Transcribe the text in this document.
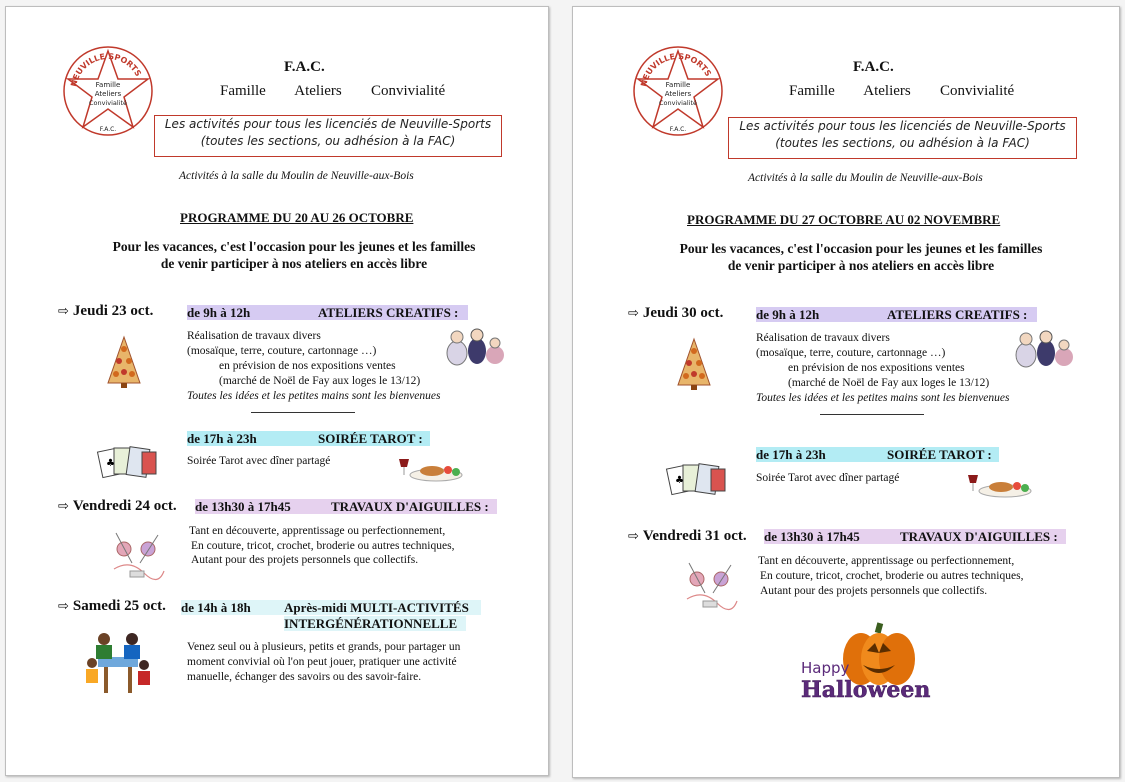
NEUVILLE SPORTS
Famille
Ateliers
Convivialité
F.A.C.
F.A.C.
Famille   Ateliers   Convivialité
Les activités pour tous les licenciés de Neuville-Sports
(toutes les sections, ou adhésion à la FAC)
Activités à la salle du Moulin de Neuville-aux-Bois
PROGRAMME DU 20 AU 26 OCTOBRE
Pour les vacances, c'est l'occasion pour les jeunes et les familles
de venir participer à nos ateliers en accès libre
⇨ Jeudi 23 oct.	de 9h à 12h	ATELIERS CREATIFS :
Réalisation de travaux divers
(mosaïque, terre, couture, cartonnage …)
en prévision de nos expositions ventes
(marché de Noël de Fay aux loges le 13/12)
Toutes les idées et les petites mains sont les bienvenues
de 17h à 23h	SOIRÉE TAROT :
♣	Soirée Tarot avec dîner partagé
⇨ Vendredi 24 oct. de 13h30 à 17h45	TRAVAUX D'AIGUILLES :
Tant en découverte, apprentissage ou perfectionnement,
En couture, tricot, crochet, broderie ou autres techniques,
Autant pour des projets personnels que collectifs.
⇨ Samedi 25 oct. de 14h à 18h	Après-midi MULTI-ACTIVITÉS
INTERGÉNÉRATIONNELLE
Venez seul ou à plusieurs, petits et grands, pour partager un
moment convivial où l'on peut jouer, pratiquer une activité
manuelle, échanger des savoirs ou des savoir-faire.
NEUVILLE SPORTS
Famille
Ateliers
Convivialité
F.A.C.
F.A.C.
Famille   Ateliers   Convivialité
Les activités pour tous les licenciés de Neuville-Sports
(toutes les sections, ou adhésion à la FAC)
Activités à la salle du Moulin de Neuville-aux-Bois
PROGRAMME DU 27 OCTOBRE AU 02 NOVEMBRE
Pour les vacances, c'est l'occasion pour les jeunes et les familles
de venir participer à nos ateliers en accès libre
⇨ Jeudi 30 oct.	de 9h à 12h	ATELIERS CREATIFS :
Réalisation de travaux divers
(mosaïque, terre, couture, cartonnage …)
en prévision de nos expositions ventes
(marché de Noël de Fay aux loges le 13/12)
Toutes les idées et les petites mains sont les bienvenues
de 17h à 23h	SOIRÉE TAROT :
♣	Soirée Tarot avec dîner partagé
⇨ Vendredi 31 oct. de 13h30 à 17h45	TRAVAUX D'AIGUILLES :
Tant en découverte, apprentissage ou perfectionnement,
En couture, tricot, crochet, broderie ou autres techniques,
Autant pour des projets personnels que collectifs.
Happy
Halloween
